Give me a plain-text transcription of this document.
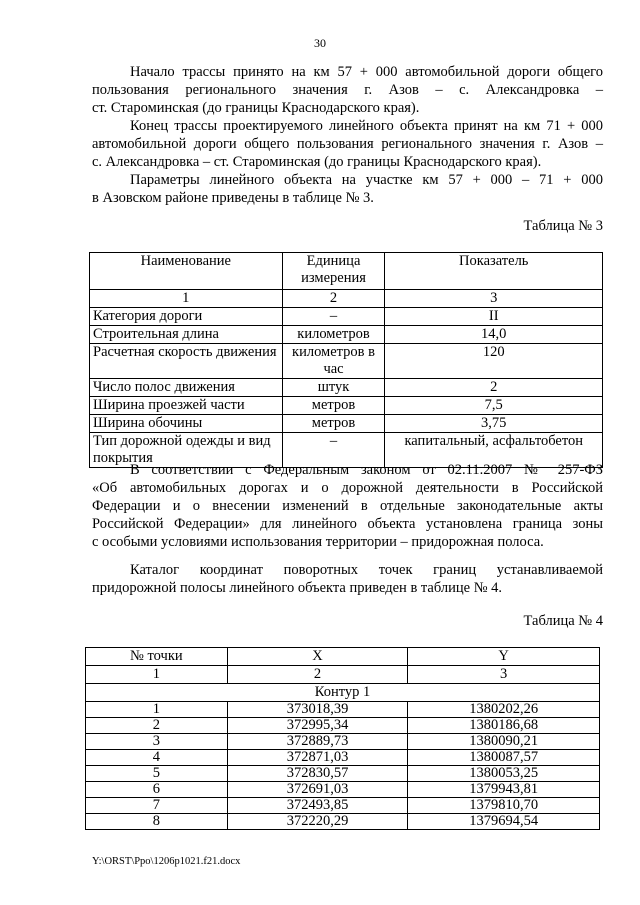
30
Начало трассы принято на км 57 + 000 автомобильной дороги общего
пользования регионального значения г. Азов – с. Александровка –
ст. Староминская (до границы Краснодарского края).
Конец трассы проектируемого линейного объекта принят на км 71 + 000
автомобильной дороги общего пользования регионального значения г. Азов –
с. Александровка – ст. Староминская (до границы Краснодарского края).
Параметры линейного объекта на участке км 57 + 000 – 71 + 000
в Азовском районе приведены в таблице № 3.
Таблица № 3
Наименование	Единица измерения	Показатель
1	2	3
Категория дороги	–	II
Строительная длина	километров	14,0
Расчетная скорость движения	километров в час	120
Число полос движения	штук	2
Ширина проезжей части	метров	7,5
Ширина обочины	метров	3,75
Тип дорожной одежды и вид покрытия	–	капитальный, асфальтобетон
В соответствии с Федеральным законом от 02.11.2007 № 257-ФЗ
«Об автомобильных дорогах и о дорожной деятельности в Российской
Федерации и о внесении изменений в отдельные законодательные акты
Российской Федерации» для линейного объекта установлена граница зоны
с особыми условиями использования территории – придорожная полоса.
Каталог координат поворотных точек границ устанавливаемой
придорожной полосы линейного объекта приведен в таблице № 4.
Таблица № 4
№ точки	X	Y
1	2	3
Контур 1		
1	373018,39	1380202,26
2	372995,34	1380186,68
3	372889,73	1380090,21
4	372871,03	1380087,57
5	372830,57	1380053,25
6	372691,03	1379943,81
7	372493,85	1379810,70
8	372220,29	1379694,54
Y:\ORST\Ppo\1206p1021.f21.docx
